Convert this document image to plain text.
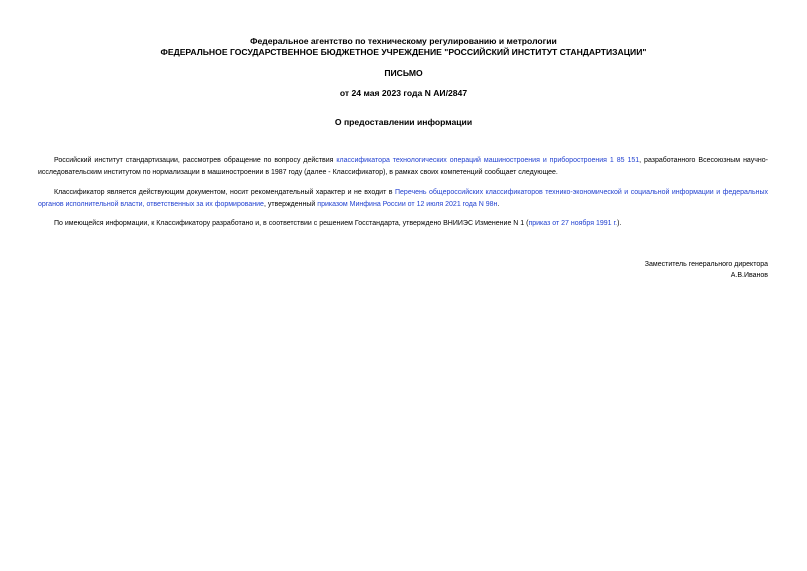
Федеральное агентство по техническому регулированию и метрологии
ФЕДЕРАЛЬНОЕ ГОСУДАРСТВЕННОЕ БЮДЖЕТНОЕ УЧРЕЖДЕНИЕ "РОССИЙСКИЙ ИНСТИТУТ СТАНДАРТИЗАЦИИ"
ПИСЬМО
от 24 мая 2023 года N АИ/2847
О предоставлении информации
Российский институт стандартизации, рассмотрев обращение по вопросу действия классификатора технологических операций машиностроения и приборостроения 1 85 151, разработанного Всесоюзным научно-исследовательским институтом по нормализации в машиностроении в 1987 году (далее - Классификатор), в рамках своих компетенций сообщает следующее.
Классификатор является действующим документом, носит рекомендательный характер и не входит в Перечень общероссийских классификаторов технико-экономической и социальной информации и федеральных органов исполнительной власти, ответственных за их формирование, утвержденный приказом Минфина России от 12 июля 2021 года N 98н.
По имеющейся информации, к Классификатору разработано и, в соответствии с решением Госстандарта, утверждено ВНИИЭС Изменение N 1 (приказ от 27 ноября 1991 г.).
Заместитель генерального директора
А.В.Иванов
